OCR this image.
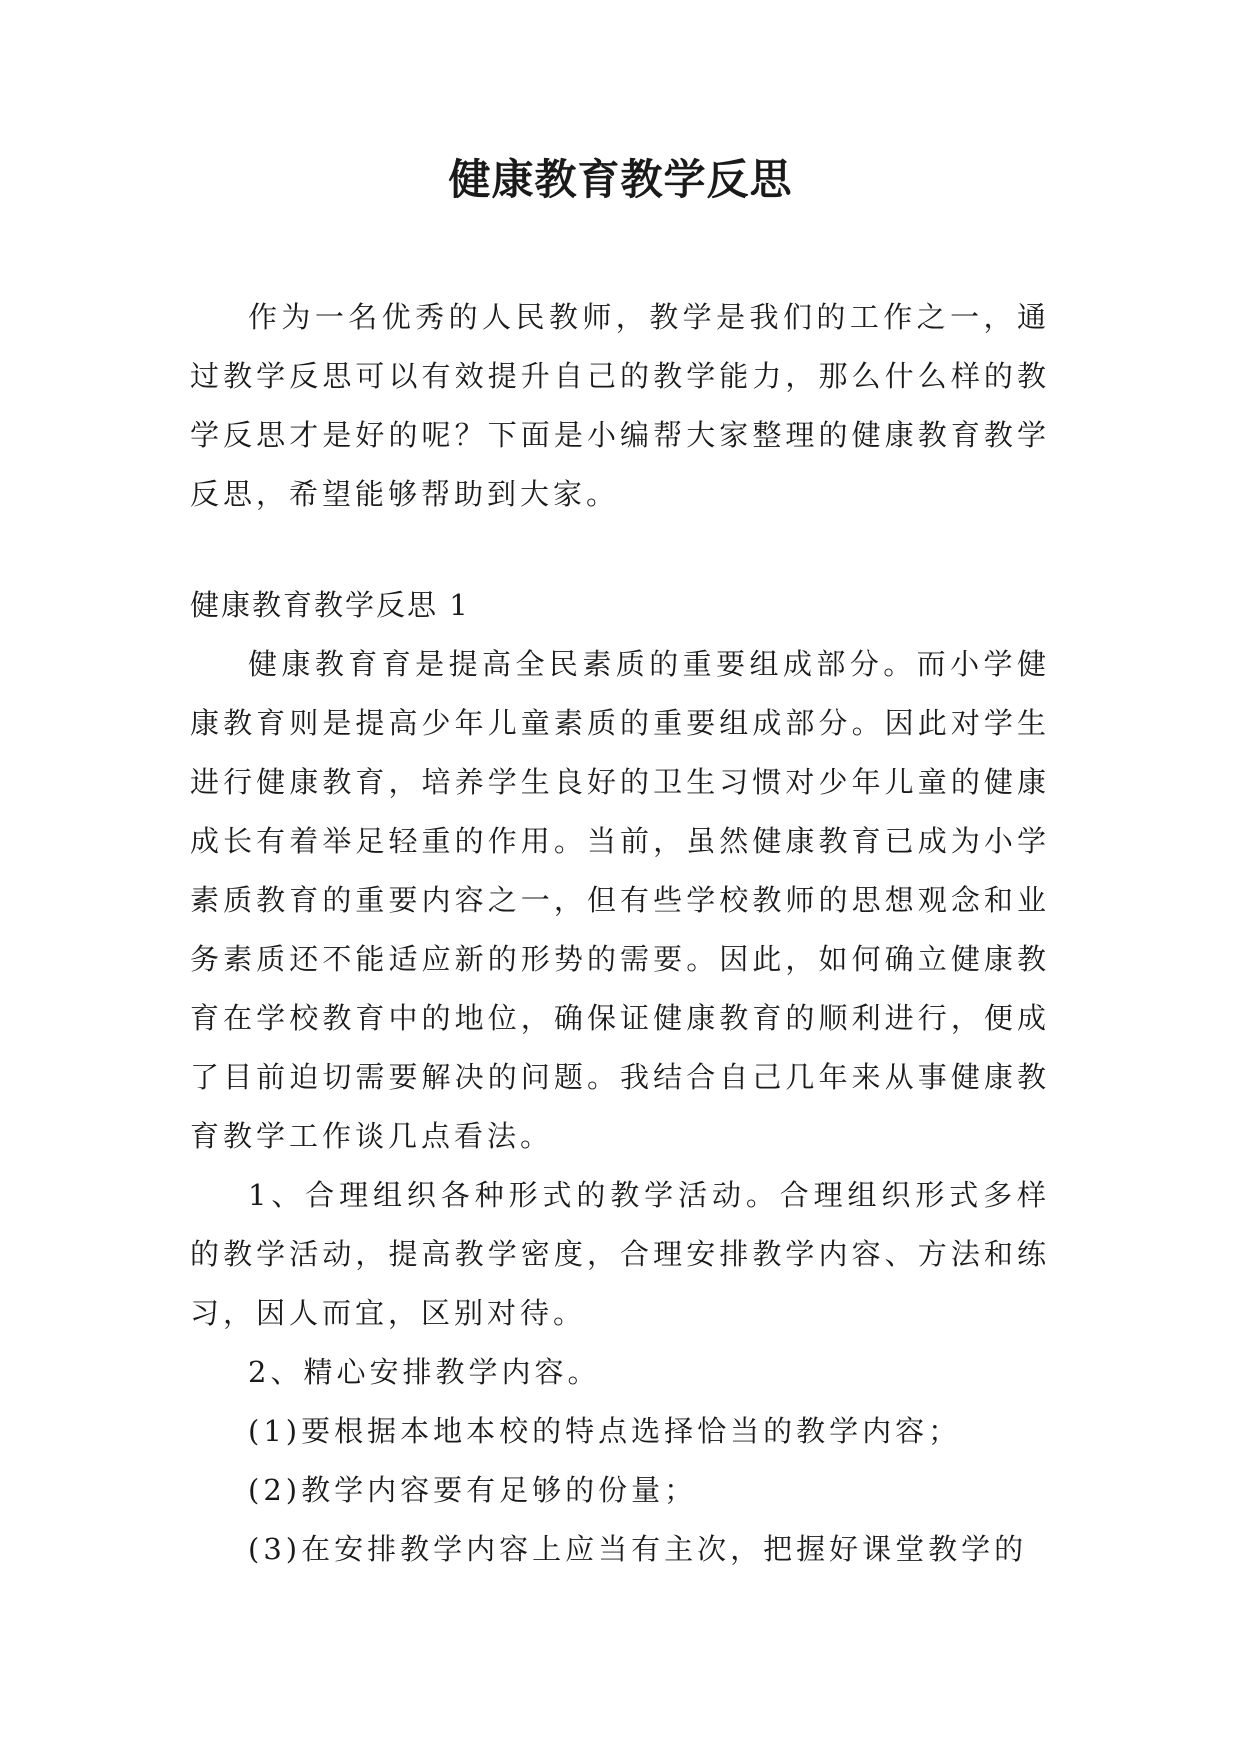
健康教育教学反思

作为一名优秀的人民教师，教学是我们的工作之一，通过教学反思可以有效提升自己的教学能力，那么什么样的教学反思才是好的呢？下面是小编帮大家整理的健康教育教学反思，希望能够帮助到大家。

健康教育教学反思 1

健康教育育是提高全民素质的重要组成部分。而小学健康教育则是提高少年儿童素质的重要组成部分。因此对学生进行健康教育，培养学生良好的卫生习惯对少年儿童的健康成长有着举足轻重的作用。当前，虽然健康教育已成为小学素质教育的重要内容之一，但有些学校教师的思想观念和业务素质还不能适应新的形势的需要。因此，如何确立健康教育在学校教育中的地位，确保证健康教育的顺利进行，便成了目前迫切需要解决的问题。我结合自己几年来从事健康教育教学工作谈几点看法。

1、合理组织各种形式的教学活动。合理组织形式多样的教学活动，提高教学密度，合理安排教学内容、方法和练习，因人而宜，区别对待。

2、精心安排教学内容。

(1)要根据本地本校的特点选择恰当的教学内容；

(2)教学内容要有足够的份量；

(3)在安排教学内容上应当有主次，把握好课堂教学的
